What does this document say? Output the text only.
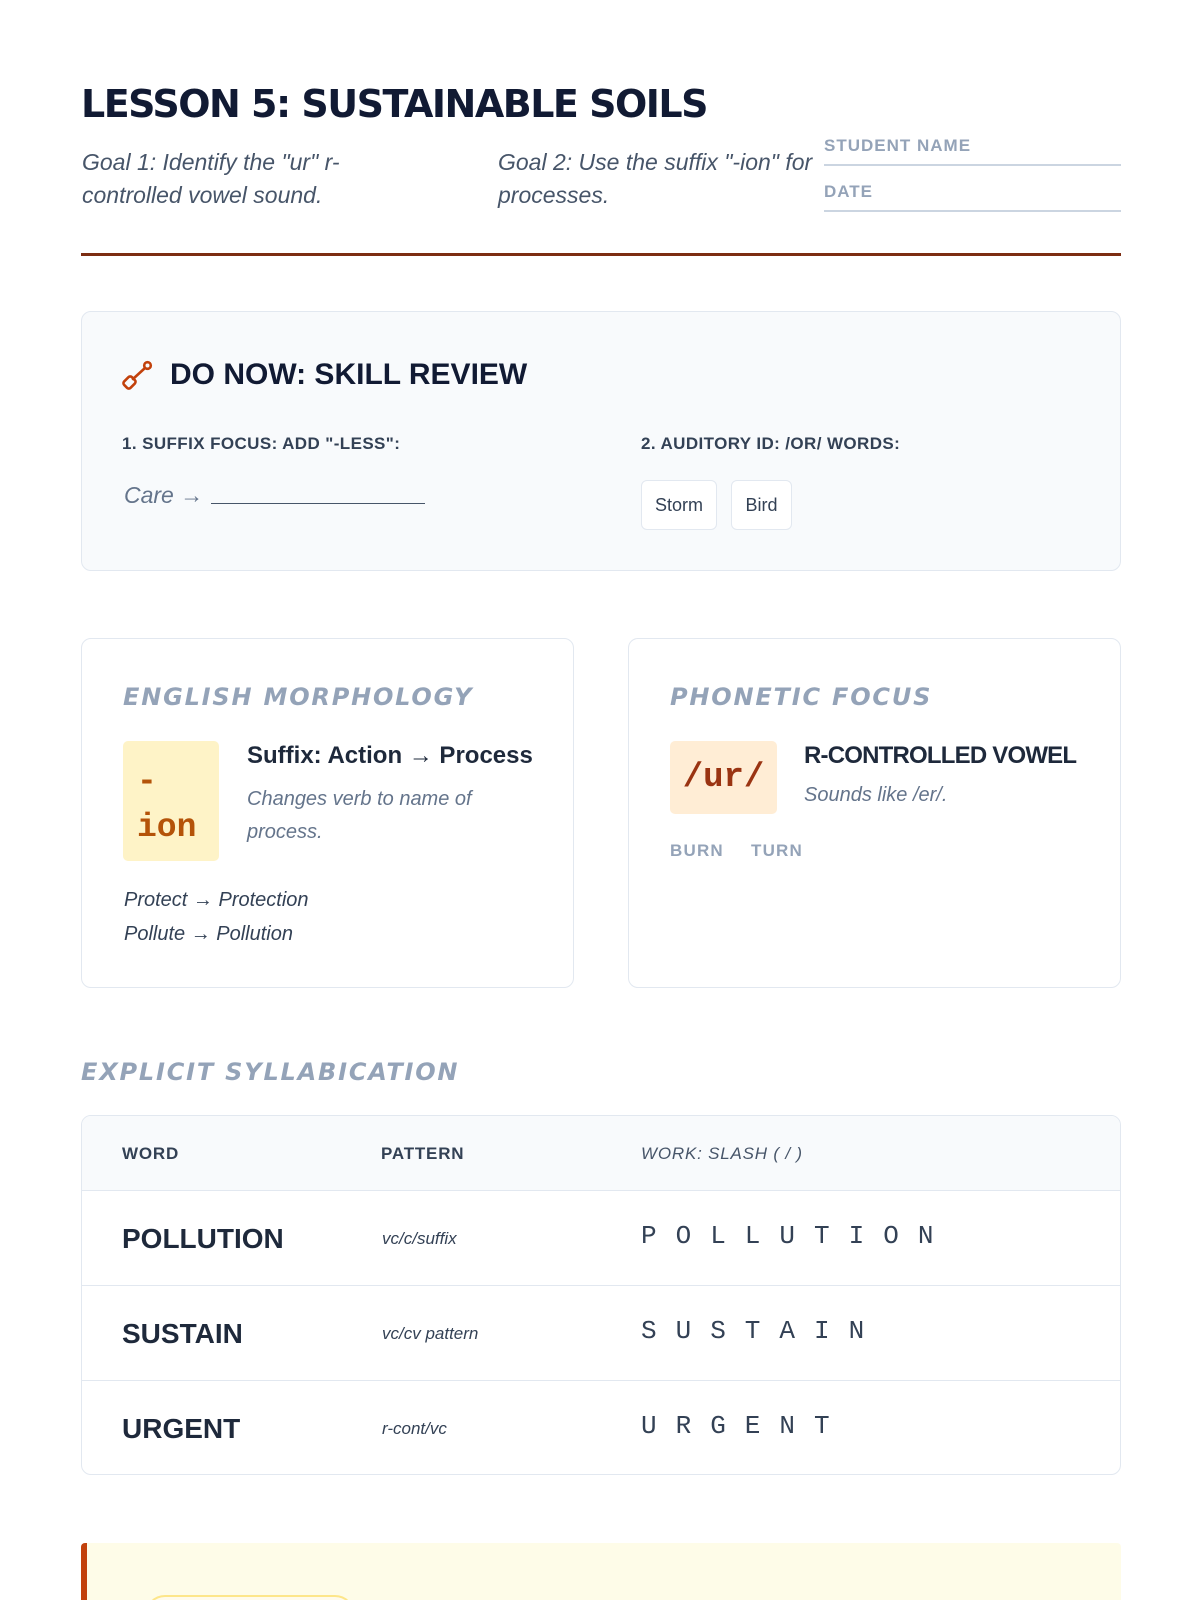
LESSON 5: SUSTAINABLE SOILS

Goal 1: Identify the "ur" r-controlled vowel sound.

Goal 2: Use the suffix "-ion" for processes.

STUDENT NAME
DATE
DO NOW: SKILL REVIEW
1. SUFFIX FOCUS: ADD "-LESS":
Care →
2. AUDITORY ID: /OR/ WORDS:
Storm	Bird
ENGLISH MORPHOLOGY
-
ion
Suffix: Action → Process
Changes verb to name of process.
Protect → Protection
Pollute → Pollution
PHONETIC FOCUS
/ur/
R-CONTROLLED VOWEL
Sounds like /er/.
BURN TURN
EXPLICIT SYLLABICATION
WORD	PATTERN	WORK: SLASH ( / )
POLLUTION	vc/c/suffix	POLLUTION
SUSTAIN	vc/cv pattern	SUSTAIN
URGENT	r-cont/vc	URGENT
